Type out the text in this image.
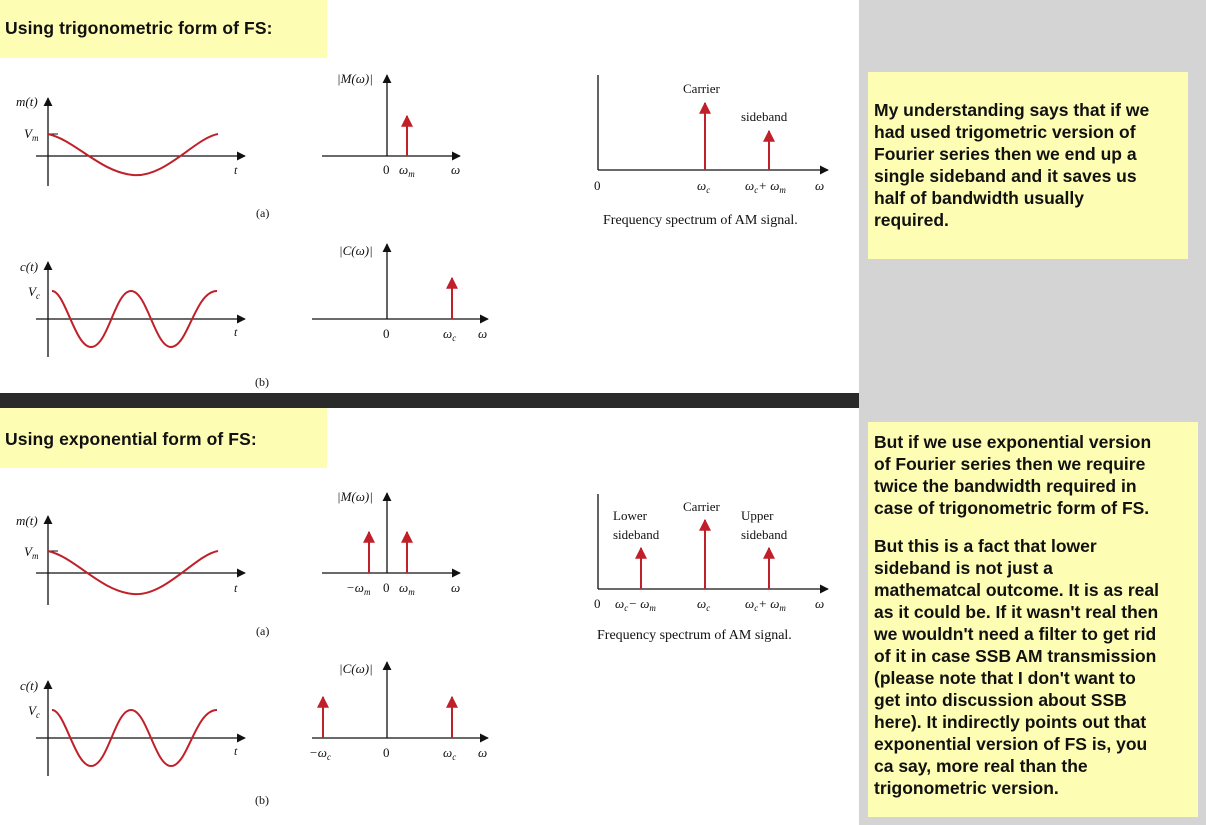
Using trigonometric form of FS:
Using exponential form of FS:

My understanding says that if we
had used trigometric version of
Fourier series then we end up a
single sideband and it saves us
half of bandwidth usually
required.

But if we use exponential version
of Fourier series then we require
twice the bandwidth required in
case of trigonometric form of FS.

But this is a fact that lower
sideband is not just a
mathematcal outcome. It is as real
as it could be. If it wasn't real then
we wouldn't need a filter to get rid
of it in case SSB AM transmission
(please note that I don't want to
get into discussion about SSB
here). It indirectly points out that
exponential version of FS is, you
ca say, more real than the
trigonometric version.

m(t)
$V_m$
t
|M(ω)|
0 $\omega_m$	ω
(a)
Carrier
sideband
0	$\omega_c$	$\omega_c+ \omega_m$ ω
Frequency spectrum of AM signal.
c(t)
$V_c$
t
|C(ω)|
0	$\omega_c$ ω
(b)
m(t)
$V_m$
t
|M(ω)|
$-\omega_m$ 0 $\omega_m$	ω
(a)
Lower
sideband
Carrier
Upper
sideband
0 $\omega_c- \omega_m$	$\omega_c$	$\omega_c+ \omega_m$ ω
Frequency spectrum of AM signal.
c(t)
$V_c$
t
|C(ω)|
$-\omega_c$	0	$\omega_c$ ω
(b)
